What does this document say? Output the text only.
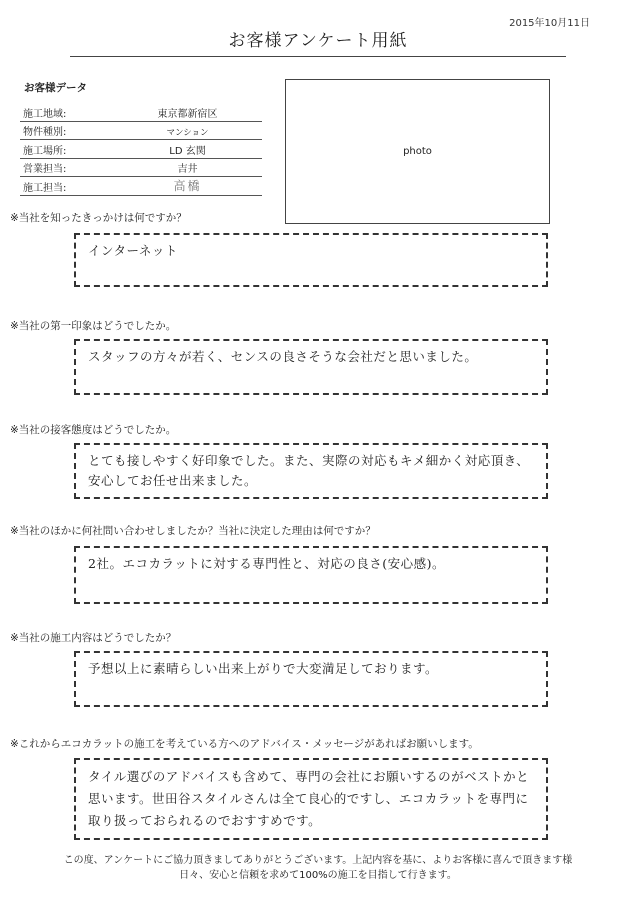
2015年10月11日
お客様アンケート用紙
お客様データ
施工地域:	東京都新宿区
物件種別:	マンション
施工場所:	LD 玄関
営業担当:	吉井
施工担当:	高橋
photo
※当社を知ったきっかけは何ですか？
インターネット
※当社の第一印象はどうでしたか。
スタッフの方々が若く、センスの良さそうな会社だと思いました。
※当社の接客態度はどうでしたか。
とても接しやすく好印象でした。また、実際の対応もキメ細かく対応頂き、安心してお任せ出来ました。
※当社のほかに何社問い合わせしましたか？当社に決定した理由は何ですか？
2社。エコカラットに対する専門性と、対応の良さ(安心感)。
※当社の施工内容はどうでしたか？
予想以上に素晴らしい出来上がりで大変満足しております。
※これからエコカラットの施工を考えている方へのアドバイス・メッセージがあればお願いします。
タイル選びのアドバイスも含めて、専門の会社にお願いするのがベストかと思います。世田谷スタイルさんは全て良心的ですし、エコカラットを専門に取り扱っておられるのでおすすめです。
この度、アンケートにご協力頂きましてありがとうございます。上記内容を基に、よりお客様に喜んで頂きます様
日々、安心と信頼を求めて100%の施工を目指して行きます。
